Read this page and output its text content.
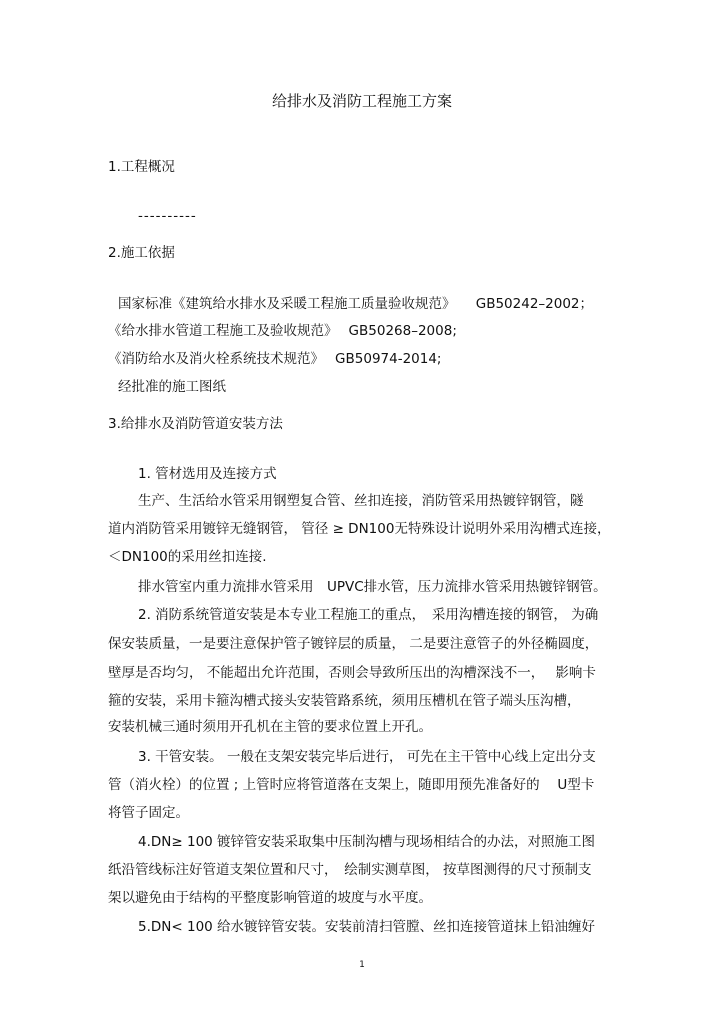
给排水及消防工程施工方案
1.工程概况
----------
2.施工依据
国家标准《建筑给水排水及采暖工程施工质量验收规范》　　GB50242–2002；
《给水排水管道工程施工及验收规范》　 GB50268–2008;
《消防给水及消火栓系统技术规范》　 GB50974-2014;
经批准的施工图纸
3.给排水及消防管道安装方法
1. 管材选用及连接方式
生产、生活给水管采用钢塑复合管、丝扣连接，消防管采用热镀锌钢管，隧
道内消防管采用镀锌无缝钢管， 管径 ≥ DN100无特殊设计说明外采用沟槽式连接，
＜DN100的采用丝扣连接.
排水管室内重力流排水管采用　UPVC排水管，压力流排水管采用热镀锌钢管。
2. 消防系统管道安装是本专业工程施工的重点，　采用沟槽连接的钢管， 为确
保安装质量，一是要注意保护管子镀锌层的质量， 二是要注意管子的外径椭圆度，
壁厚是否均匀， 不能超出允许范围，否则会导致所压出的沟槽深浅不一，　 影响卡
箍的安装，采用卡箍沟槽式接头安装管路系统，须用压槽机在管子端头压沟槽，
安装机械三通时须用开孔机在主管的要求位置上开孔。
3. 干管安装。 一般在支架安装完毕后进行， 可先在主干管中心线上定出分支
管（消火栓）的位置 ; 上管时应将管道落在支架上，随即用预先准备好的　 U型卡
将管子固定。
4.DN≥ 100 镀锌管安装采取集中压制沟槽与现场相结合的办法，对照施工图
纸沿管线标注好管道支架位置和尺寸，　绘制实测草图， 按草图测得的尺寸预制支
架以避免由于结构的平整度影响管道的坡度与水平度。
5.DN< 100 给水镀锌管安装。安装前清扫管膛、丝扣连接管道抹上铅油缠好
1
